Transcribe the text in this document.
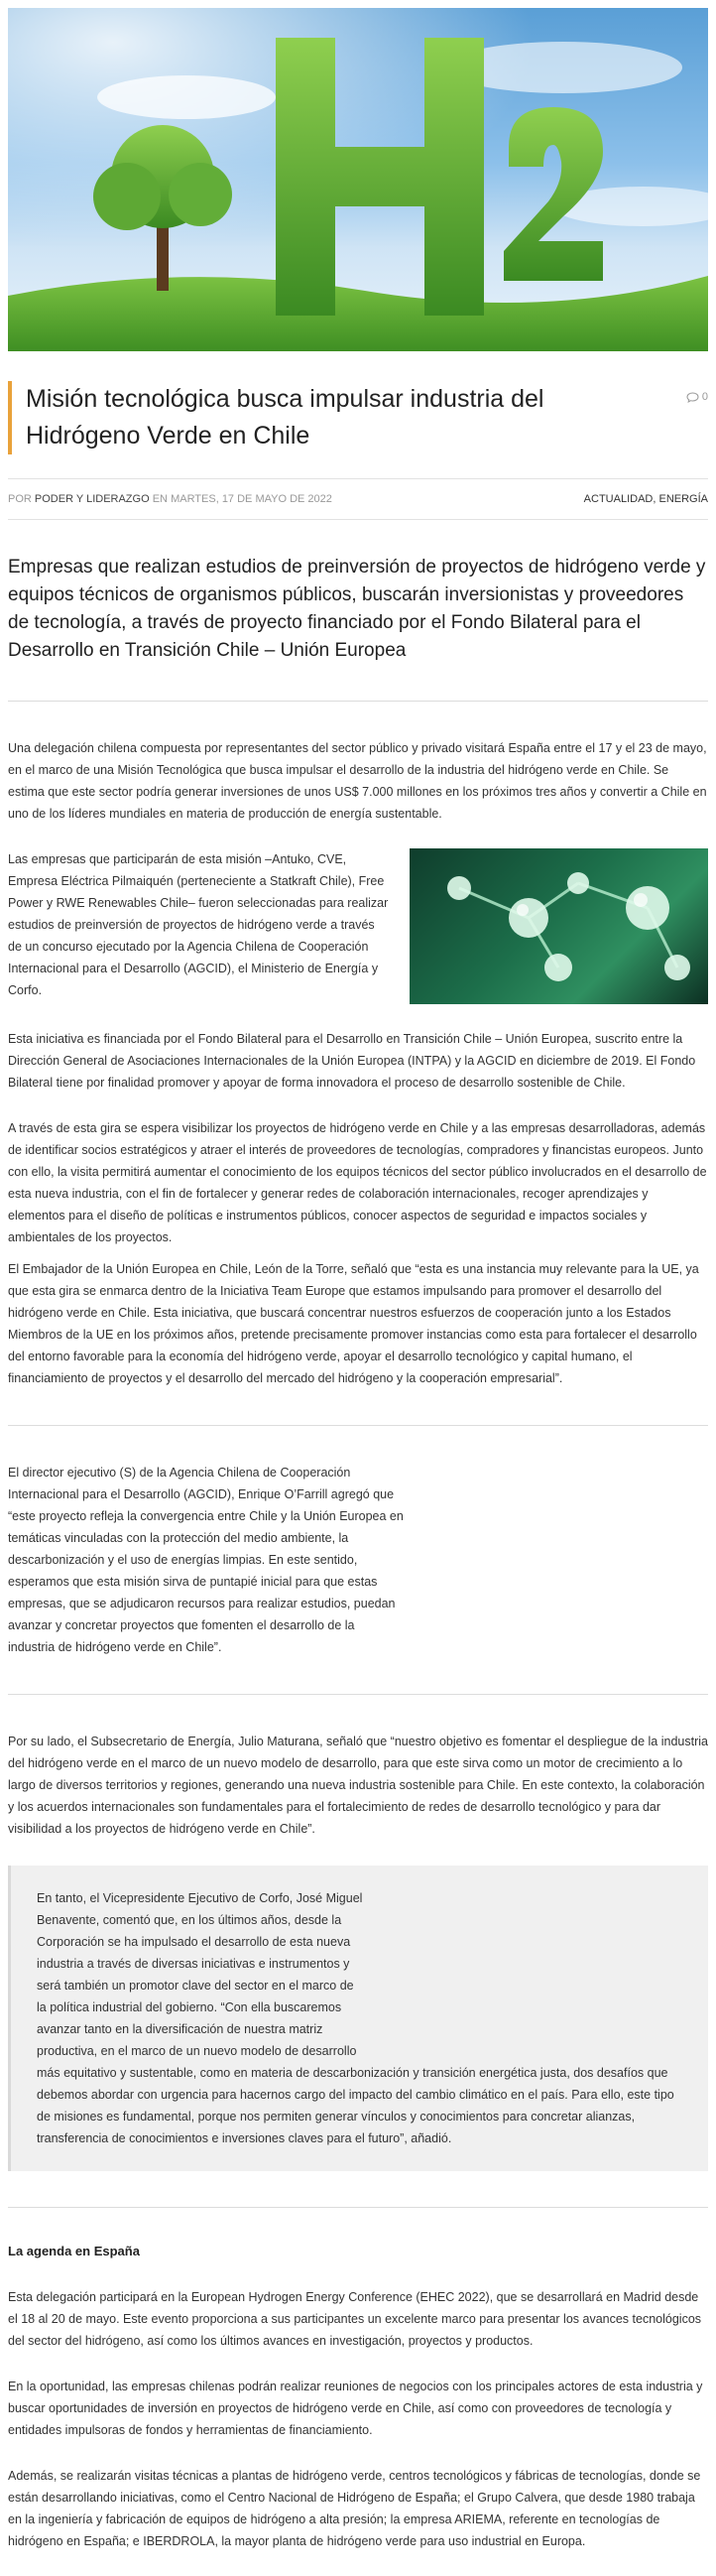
Misión tecnológica busca impulsar industria del Hidrógeno Verde en Chile
0
POR PODER Y LIDERAZGO EN MARTES, 17 DE MAYO DE 2022	ACTUALIDAD, ENERGÍA

Empresas que realizan estudios de preinversión de proyectos de hidrógeno verde y equipos técnicos de organismos públicos, buscarán inversionistas y proveedores de tecnología, a través de proyecto financiado por el Fondo Bilateral para el Desarrollo en Transición Chile – Unión Europea

Una delegación chilena compuesta por representantes del sector público y privado visitará España entre el 17 y el 23 de mayo, en el marco de una Misión Tecnológica que busca impulsar el desarrollo de la industria del hidrógeno verde en Chile. Se estima que este sector podría generar inversiones de unos US$ 7.000 millones en los próximos tres años y convertir a Chile en uno de los líderes mundiales en materia de producción de energía sustentable.

Las empresas que participarán de esta misión –Antuko, CVE, Empresa Eléctrica Pilmaiquén (perteneciente a Statkraft Chile), Free Power y RWE Renewables Chile– fueron seleccionadas para realizar estudios de preinversión de proyectos de hidrógeno verde a través de un concurso ejecutado por la Agencia Chilena de Cooperación Internacional para el Desarrollo (AGCID), el Ministerio de Energía y Corfo.

Esta iniciativa es financiada por el Fondo Bilateral para el Desarrollo en Transición Chile – Unión Europea, suscrito entre la Dirección General de Asociaciones Internacionales de la Unión Europea (INTPA) y la AGCID en diciembre de 2019. El Fondo Bilateral tiene por finalidad promover y apoyar de forma innovadora el proceso de desarrollo sostenible de Chile.

A través de esta gira se espera visibilizar los proyectos de hidrógeno verde en Chile y a las empresas desarrolladoras, además de identificar socios estratégicos y atraer el interés de proveedores de tecnologías, compradores y financistas europeos. Junto con ello, la visita permitirá aumentar el conocimiento de los equipos técnicos del sector público involucrados en el desarrollo de esta nueva industria, con el fin de fortalecer y generar redes de colaboración internacionales, recoger aprendizajes y elementos para el diseño de políticas e instrumentos públicos, conocer aspectos de seguridad e impactos sociales y ambientales de los proyectos.

El Embajador de la Unión Europea en Chile, León de la Torre, señaló que “esta es una instancia muy relevante para la UE, ya que esta gira se enmarca dentro de la Iniciativa Team Europe que estamos impulsando para promover el desarrollo del hidrógeno verde en Chile. Esta iniciativa, que buscará concentrar nuestros esfuerzos de cooperación junto a los Estados Miembros de la UE en los próximos años, pretende precisamente promover instancias como esta para fortalecer el desarrollo del entorno favorable para la economía del hidrógeno verde, apoyar el desarrollo tecnológico y capital humano, el financiamiento de proyectos y el desarrollo del mercado del hidrógeno y la cooperación empresarial”.

El director ejecutivo (S) de la Agencia Chilena de Cooperación Internacional para el Desarrollo (AGCID), Enrique O’Farrill agregó que “este proyecto refleja la convergencia entre Chile y la Unión Europea en temáticas vinculadas con la protección del medio ambiente, la descarbonización y el uso de energías limpias. En este sentido, esperamos que esta misión sirva de puntapié inicial para que estas empresas, que se adjudicaron recursos para realizar estudios, puedan avanzar y concretar proyectos que fomenten el desarrollo de la industria de hidrógeno verde en Chile”.

Por su lado, el Subsecretario de Energía, Julio Maturana, señaló que “nuestro objetivo es fomentar el despliegue de la industria del hidrógeno verde en el marco de un nuevo modelo de desarrollo, para que este sirva como un motor de crecimiento a lo largo de diversos territorios y regiones, generando una nueva industria sostenible para Chile. En este contexto, la colaboración y los acuerdos internacionales son fundamentales para el fortalecimiento de redes de desarrollo tecnológico y para dar visibilidad a los proyectos de hidrógeno verde en Chile”.

En tanto, el Vicepresidente Ejecutivo de Corfo, José Miguel Benavente, comentó que, en los últimos años, desde la Corporación se ha impulsado el desarrollo de esta nueva industria a través de diversas iniciativas e instrumentos y será también un promotor clave del sector en el marco de la política industrial del gobierno. “Con ella buscaremos avanzar tanto en la diversificación de nuestra matriz productiva, en el marco de un nuevo modelo de desarrollo

más equitativo y sustentable, como en materia de descarbonización y transición energética justa, dos desafíos que debemos abordar con urgencia para hacernos cargo del impacto del cambio climático en el país. Para ello, este tipo de misiones es fundamental, porque nos permiten generar vínculos y conocimientos para concretar alianzas, transferencia de conocimientos e inversiones claves para el futuro”, añadió.

La agenda en España

Esta delegación participará en la European Hydrogen Energy Conference (EHEC 2022), que se desarrollará en Madrid desde el 18 al 20 de mayo. Este evento proporciona a sus participantes un excelente marco para presentar los avances tecnológicos del sector del hidrógeno, así como los últimos avances en investigación, proyectos y productos.

En la oportunidad, las empresas chilenas podrán realizar reuniones de negocios con los principales actores de esta industria y buscar oportunidades de inversión en proyectos de hidrógeno verde en Chile, así como con proveedores de tecnología y entidades impulsoras de fondos y herramientas de financiamiento.

Además, se realizarán visitas técnicas a plantas de hidrógeno verde, centros tecnológicos y fábricas de tecnologías, donde se están desarrollando iniciativas, como el Centro Nacional de Hidrógeno de España; el Grupo Calvera, que desde 1980 trabaja en la ingeniería y fabricación de equipos de hidrógeno a alta presión; la empresa ARIEMA, referente en tecnologías de hidrógeno en España; e IBERDROLA, la mayor planta de hidrógeno verde para uso industrial en Europa.
